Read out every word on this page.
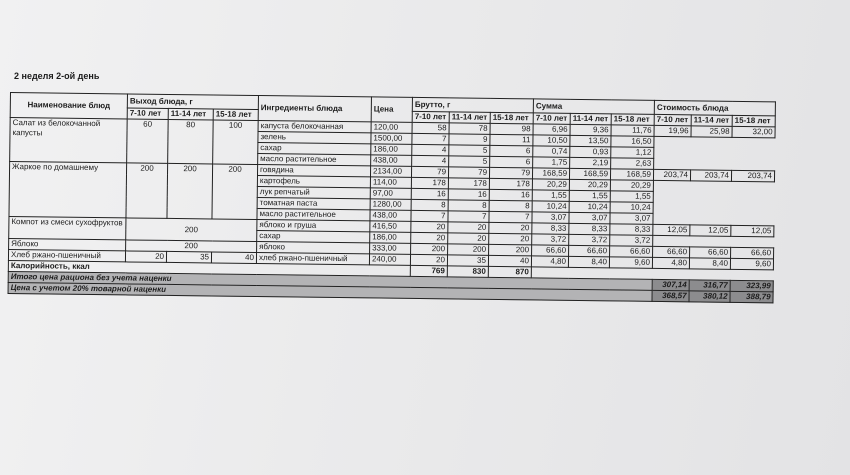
2 неделя 2-ой день
Наименование блюд	Выход блюда, г			Ингредиенты блюда	Цена	Брутто, г			Сумма			Стоимость блюда		
	7-10 лет	11-14 лет	15-18 лет			7-10 лет	11-14 лет	15-18 лет	7-10 лет	11-14 лет	15-18 лет	7-10 лет	11-14 лет	15-18 лет
Салат из белокочанной капусты	60	80	100	капуста белокочанная	120,00	58	78	98	6,96	9,36	11,76	19,96	25,98	32,00
				зелень	1500,00	7	9	11	10,50	13,50	16,50			
				сахар	186,00	4	5	6	0,74	0,93	1,12			
				масло растительное	438,00	4	5	6	1,75	2,19	2,63			
Жаркое по домашнему	200	200	200	говядина	2134,00	79	79	79	168,59	168,59	168,59	203,74	203,74	203,74
				картофель	114,00	178	178	178	20,29	20,29	20,29			
				лук репчатый	97,00	16	16	16	1,55	1,55	1,55			
				томатная паста	1280,00	8	8	8	10,24	10,24	10,24			
				масло растительное	438,00	7	7	7	3,07	3,07	3,07			
Компот из смеси сухофруктов	200			яблоко и груша	416,50	20	20	20	8,33	8,33	8,33	12,05	12,05	12,05
				сахар	186,00	20	20	20	3,72	3,72	3,72			
Яблоко	200			яблоко	333,00	200	200	200	66,60	66,60	66,60	66,60	66,60	66,60
Хлеб ржано-пшеничный	20	35	40	хлеб ржано-пшеничный	240,00	20	35	40	4,80	8,40	9,60	4,80	8,40	9,60
Калорийность, ккал						769	830	870						
Итого цена рациона без учета наценки												307,14	316,77	323,99
Цена с учетом 20% товарной наценки												368,57	380,12	388,79
